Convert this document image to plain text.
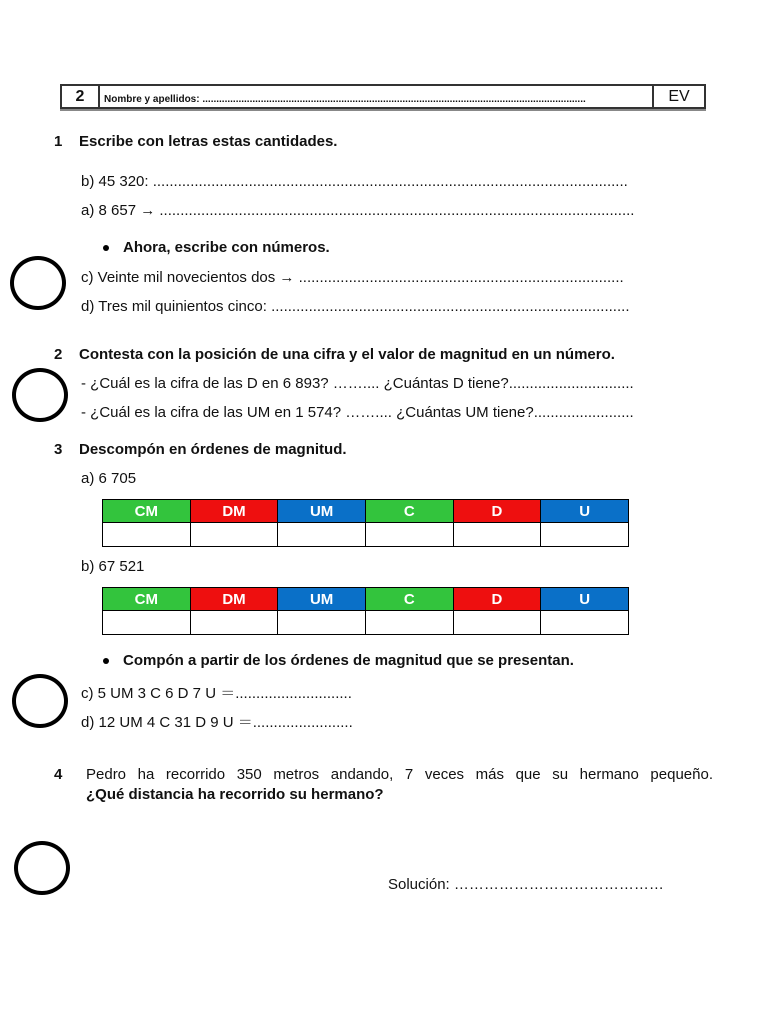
2	Nombre y apellidos: ..........................................................................................................................................	EV
1 Escribe con letras estas cantidades.
b) 45 320: ..................................................................................................................
a) 8 657 → ..................................................................................................................
Ahora, escribe con números.
c) Veinte mil novecientos dos → ..............................................................................
d) Tres mil quinientos cinco: ......................................................................................
2 Contesta con la posición de una cifra y el valor de magnitud en un número.
- ¿Cuál es la cifra de las D en 6 893? …….... ¿Cuántas D tiene?..............................
- ¿Cuál es la cifra de las UM en 1 574? …….... ¿Cuántas UM tiene?........................
3 Descompón en órdenes de magnitud.
a) 6 705
CM	DM	UM	C	D	U

b) 67 521
CM	DM	UM	C	D	U

Compón a partir de los órdenes de magnitud que se presentan.
c) 5 UM 3 C 6 D 7 U ＝............................
d) 12 UM 4 C 31 D 9 U ＝........................
4 Pedro ha recorrido 350 metros andando, 7 veces más que su hermano pequeño.
¿Qué distancia ha recorrido su hermano?
Solución: ……………………………………
